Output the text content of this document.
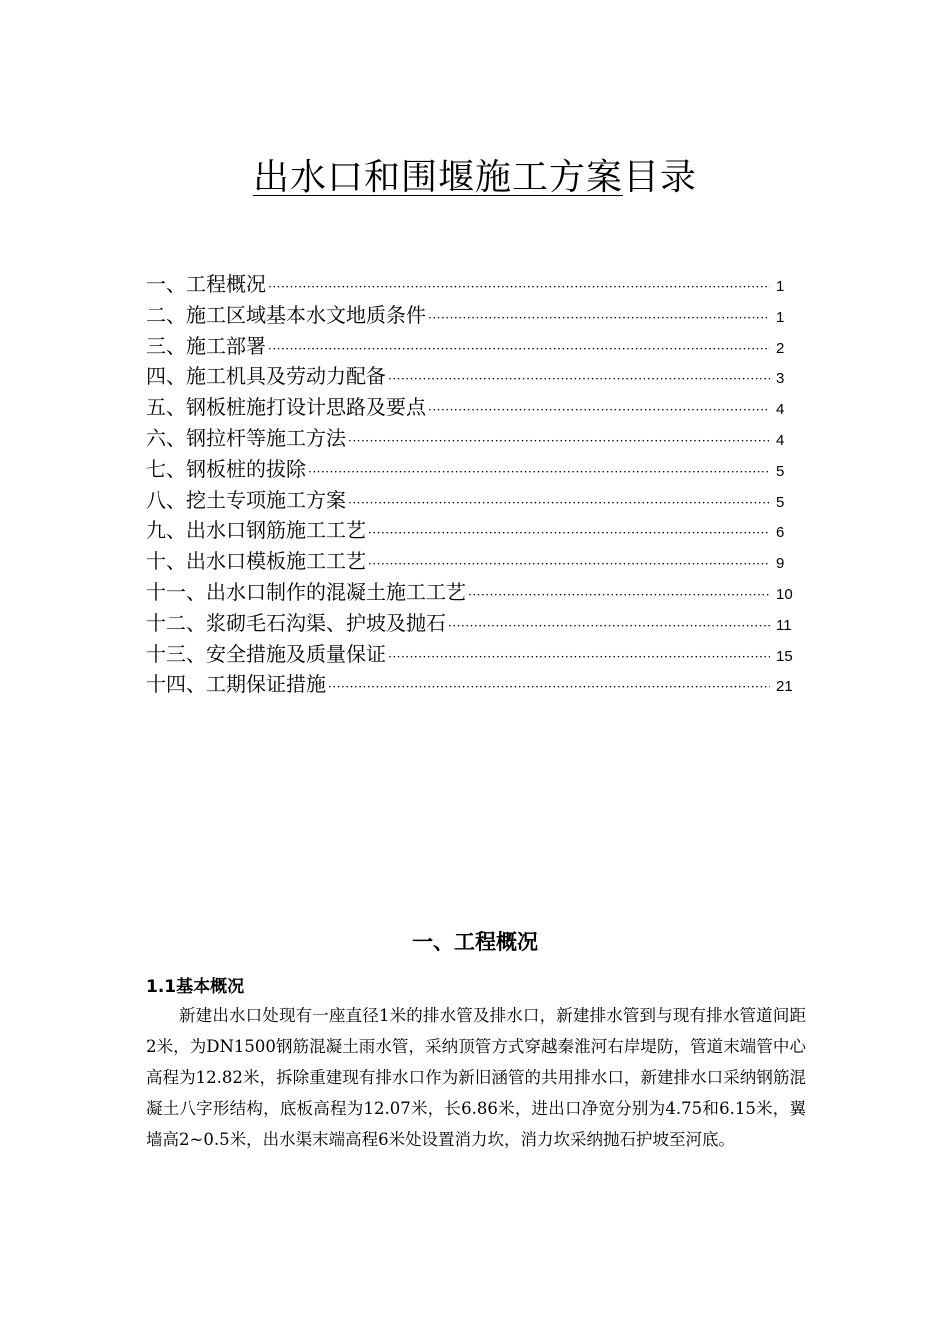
出水口和围堰施工方案目录
一、工程概况 ·····	1
二、施工区域基本水文地质条件 ·····	1
三、施工部署 ·····	2
四、施工机具及劳动力配备 ·····	3
五、钢板桩施打设计思路及要点 ·····	4
六、钢拉杆等施工方法 ·····	4
七、钢板桩的拔除 ·····	5
八、挖土专项施工方案 ·····	5
九、出水口钢筋施工工艺 ·····	6
十、出水口模板施工工艺 ·····	9
十一、出水口制作的混凝土施工工艺 ·····	10
十二、浆砌毛石沟渠、护坡及抛石 ·····	11
十三、安全措施及质量保证 ·····	15
十四、工期保证措施 ·····	21
一、工程概况
1.1基本概况

新建出水口处现有一座直径1米的排水管及排水口，新建排水管到与现有排水管道间距2米，为DN1500钢筋混凝土雨水管，采纳顶管方式穿越秦淮河右岸堤防，管道末端管中心高程为12.82米，拆除重建现有排水口作为新旧涵管的共用排水口，新建排水口采纳钢筋混凝土八字形结构，底板高程为12.07米，长6.86米，进出口净宽分别为4.75和6.15米，翼墙高2~0.5米，出水渠末端高程6米处设置消力坎，消力坎采纳抛石护坡至河底。
